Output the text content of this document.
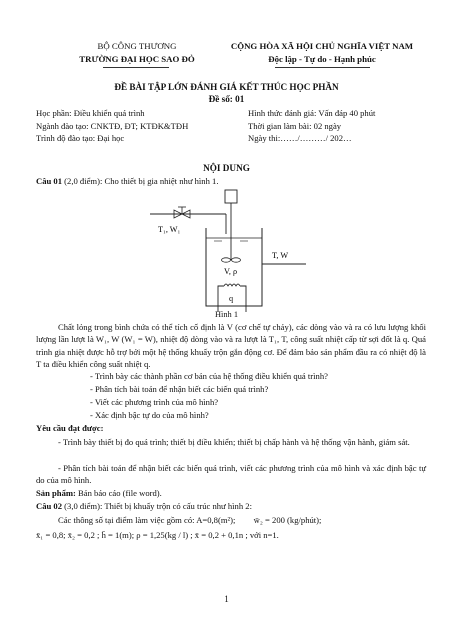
BỘ CÔNG THƯƠNG
TRƯỜNG ĐẠI HỌC SAO ĐỎ
CỘNG HÒA XÃ HỘI CHỦ NGHĨA VIỆT NAM
Độc lập - Tự do - Hạnh phúc
ĐỀ BÀI TẬP LỚN ĐÁNH GIÁ KẾT THÚC HỌC PHẦN
Đề số: 01
Học phần: Điều khiển quá trình
Ngành đào tạo: CNKTĐ, ĐT; KTĐK&TĐH
Trình độ đào tạo: Đại học
Hình thức đánh giá: Vấn đáp 40 phút
Thời gian làm bài: 02 ngày
Ngày thi:……/………/ 202…
NỘI DUNG
Câu 01 (2,0 điểm): Cho thiết bị gia nhiệt như hình 1.
T₁, W₁
T, W
V, ρ
q
Hình 1
Chất lỏng trong bình chứa có thể tích cố định là V (cơ chế tự chảy), các dòng vào và ra có lưu lượng khối lượng lần lượt là W₁, W (W₁ = W), nhiệt độ dòng vào và ra lượt là T₁, T, công suất nhiệt cấp từ sợi đốt là q. Quá trình gia nhiệt được hỗ trợ bởi một hệ thống khuấy trộn gắn động cơ. Để đảm bảo sản phẩm đầu ra có nhiệt độ là T ta điều khiển công suất nhiệt q.
- Trình bày các thành phần cơ bản của hệ thống điều khiển quá trình?
- Phân tích bài toán để nhận biết các biến quá trình?
- Viết các phương trình của mô hình?
- Xác định bậc tự do của mô hình?
Yêu cầu đạt được:
- Trình bày thiết bị đo quá trình; thiết bị điều khiển; thiết bị chấp hành và hệ thống vận hành, giám sát.
- Phân tích bài toán để nhận biết các biến quá trình, viết các phương trình của mô hình và xác định bậc tự do của mô hình.
Sản phẩm: Bản báo cáo (file word).
Câu 02 (3,0 điểm): Thiết bị khuấy trộn có cấu trúc như hình 2:
Các thông số tại điểm làm việc gồm có: A=0,8(m²); w̄₂ = 200 (kg/phút);
x̄₁ = 0,8; x̄₂ = 0,2 ; h̄ = 1(m); ρ = 1,25(kg / l) ; x̄ = 0,2 + 0,1n ; với n=1.
1
